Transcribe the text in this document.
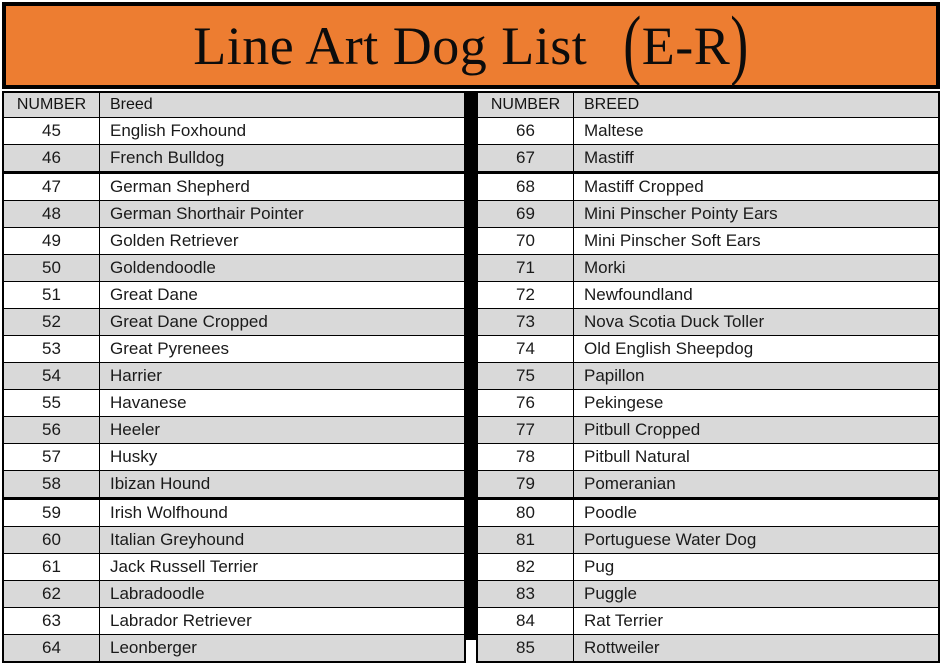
Line Art Dog List (E-R)
NUMBER	Breed
45	English Foxhound
46	French Bulldog
47	German Shepherd
48	German Shorthair Pointer
49	Golden Retriever
50	Goldendoodle
51	Great Dane
52	Great Dane Cropped
53	Great Pyrenees
54	Harrier
55	Havanese
56	Heeler
57	Husky
58	Ibizan Hound
59	Irish Wolfhound
60	Italian Greyhound
61	Jack Russell Terrier
62	Labradoodle
63	Labrador Retriever
64	Leonberger
NUMBER	BREED
66	Maltese
67	Mastiff
68	Mastiff Cropped
69	Mini Pinscher Pointy Ears
70	Mini Pinscher Soft Ears
71	Morki
72	Newfoundland
73	Nova Scotia Duck Toller
74	Old English Sheepdog
75	Papillon
76	Pekingese
77	Pitbull Cropped
78	Pitbull Natural
79	Pomeranian
80	Poodle
81	Portuguese Water Dog
82	Pug
83	Puggle
84	Rat Terrier
85	Rottweiler
